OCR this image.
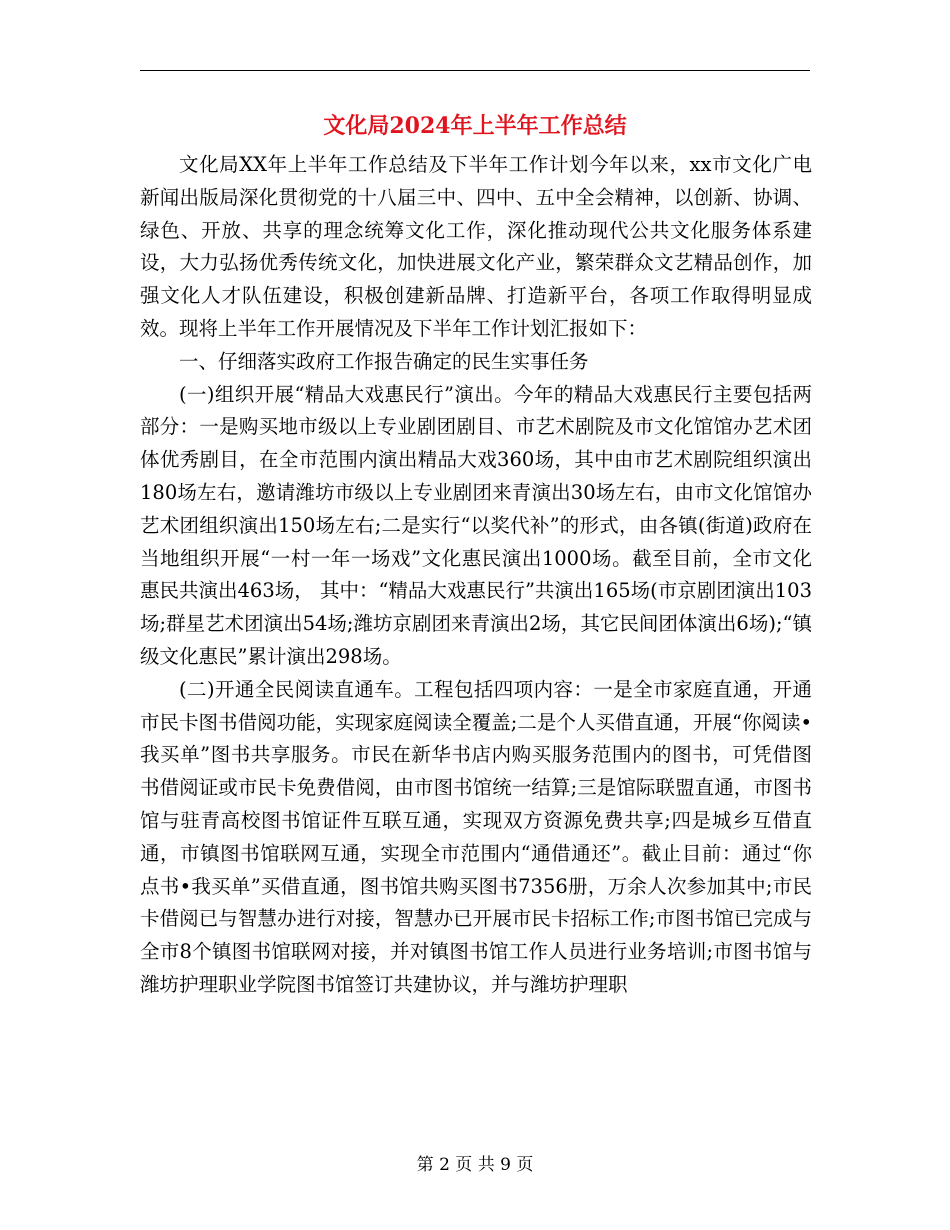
文化局2024年上半年工作总结

文化局XX年上半年工作总结及下半年工作计划今年以来，xx市文化广电新闻出版局深化贯彻党的十八届三中、四中、五中全会精神，以创新、协调、绿色、开放、共享的理念统筹文化工作，深化推动现代公共文化服务体系建设，大力弘扬优秀传统文化，加快进展文化产业，繁荣群众文艺精品创作，加强文化人才队伍建设，积极创建新品牌、打造新平台，各项工作取得明显成效。现将上半年工作开展情况及下半年工作计划汇报如下：

一、仔细落实政府工作报告确定的民生实事任务

(一)组织开展“精品大戏惠民行”演出。今年的精品大戏惠民行主要包括两部分：一是购买地市级以上专业剧团剧目、市艺术剧院及市文化馆馆办艺术团体优秀剧目，在全市范围内演出精品大戏360场，其中由市艺术剧院组织演出180场左右，邀请潍坊市级以上专业剧团来青演出30场左右，由市文化馆馆办艺术团组织演出150场左右;二是实行“以奖代补”的形式，由各镇(街道)政府在当地组织开展“一村一年一场戏”文化惠民演出1000场。截至目前，全市文化惠民共演出463场， 其中：“精品大戏惠民行”共演出165场(市京剧团演出103场;群星艺术团演出54场;潍坊京剧团来青演出2场，其它民间团体演出6场);“镇级文化惠民”累计演出298场。

(二)开通全民阅读直通车。工程包括四项内容：一是全市家庭直通，开通市民卡图书借阅功能，实现家庭阅读全覆盖;二是个人买借直通，开展“你阅读•我买单”图书共享服务。市民在新华书店内购买服务范围内的图书，可凭借图书借阅证或市民卡免费借阅，由市图书馆统一结算;三是馆际联盟直通，市图书馆与驻青高校图书馆证件互联互通，实现双方资源免费共享;四是城乡互借直通，市镇图书馆联网互通，实现全市范围内“通借通还”。截止目前：通过“你点书•我买单”买借直通，图书馆共购买图书7356册，万余人次参加其中;市民卡借阅已与智慧办进行对接，智慧办已开展市民卡招标工作;市图书馆已完成与全市8个镇图书馆联网对接，并对镇图书馆工作人员进行业务培训;市图书馆与潍坊护理职业学院图书馆签订共建协议，并与潍坊护理职

第 2 页 共 9 页
